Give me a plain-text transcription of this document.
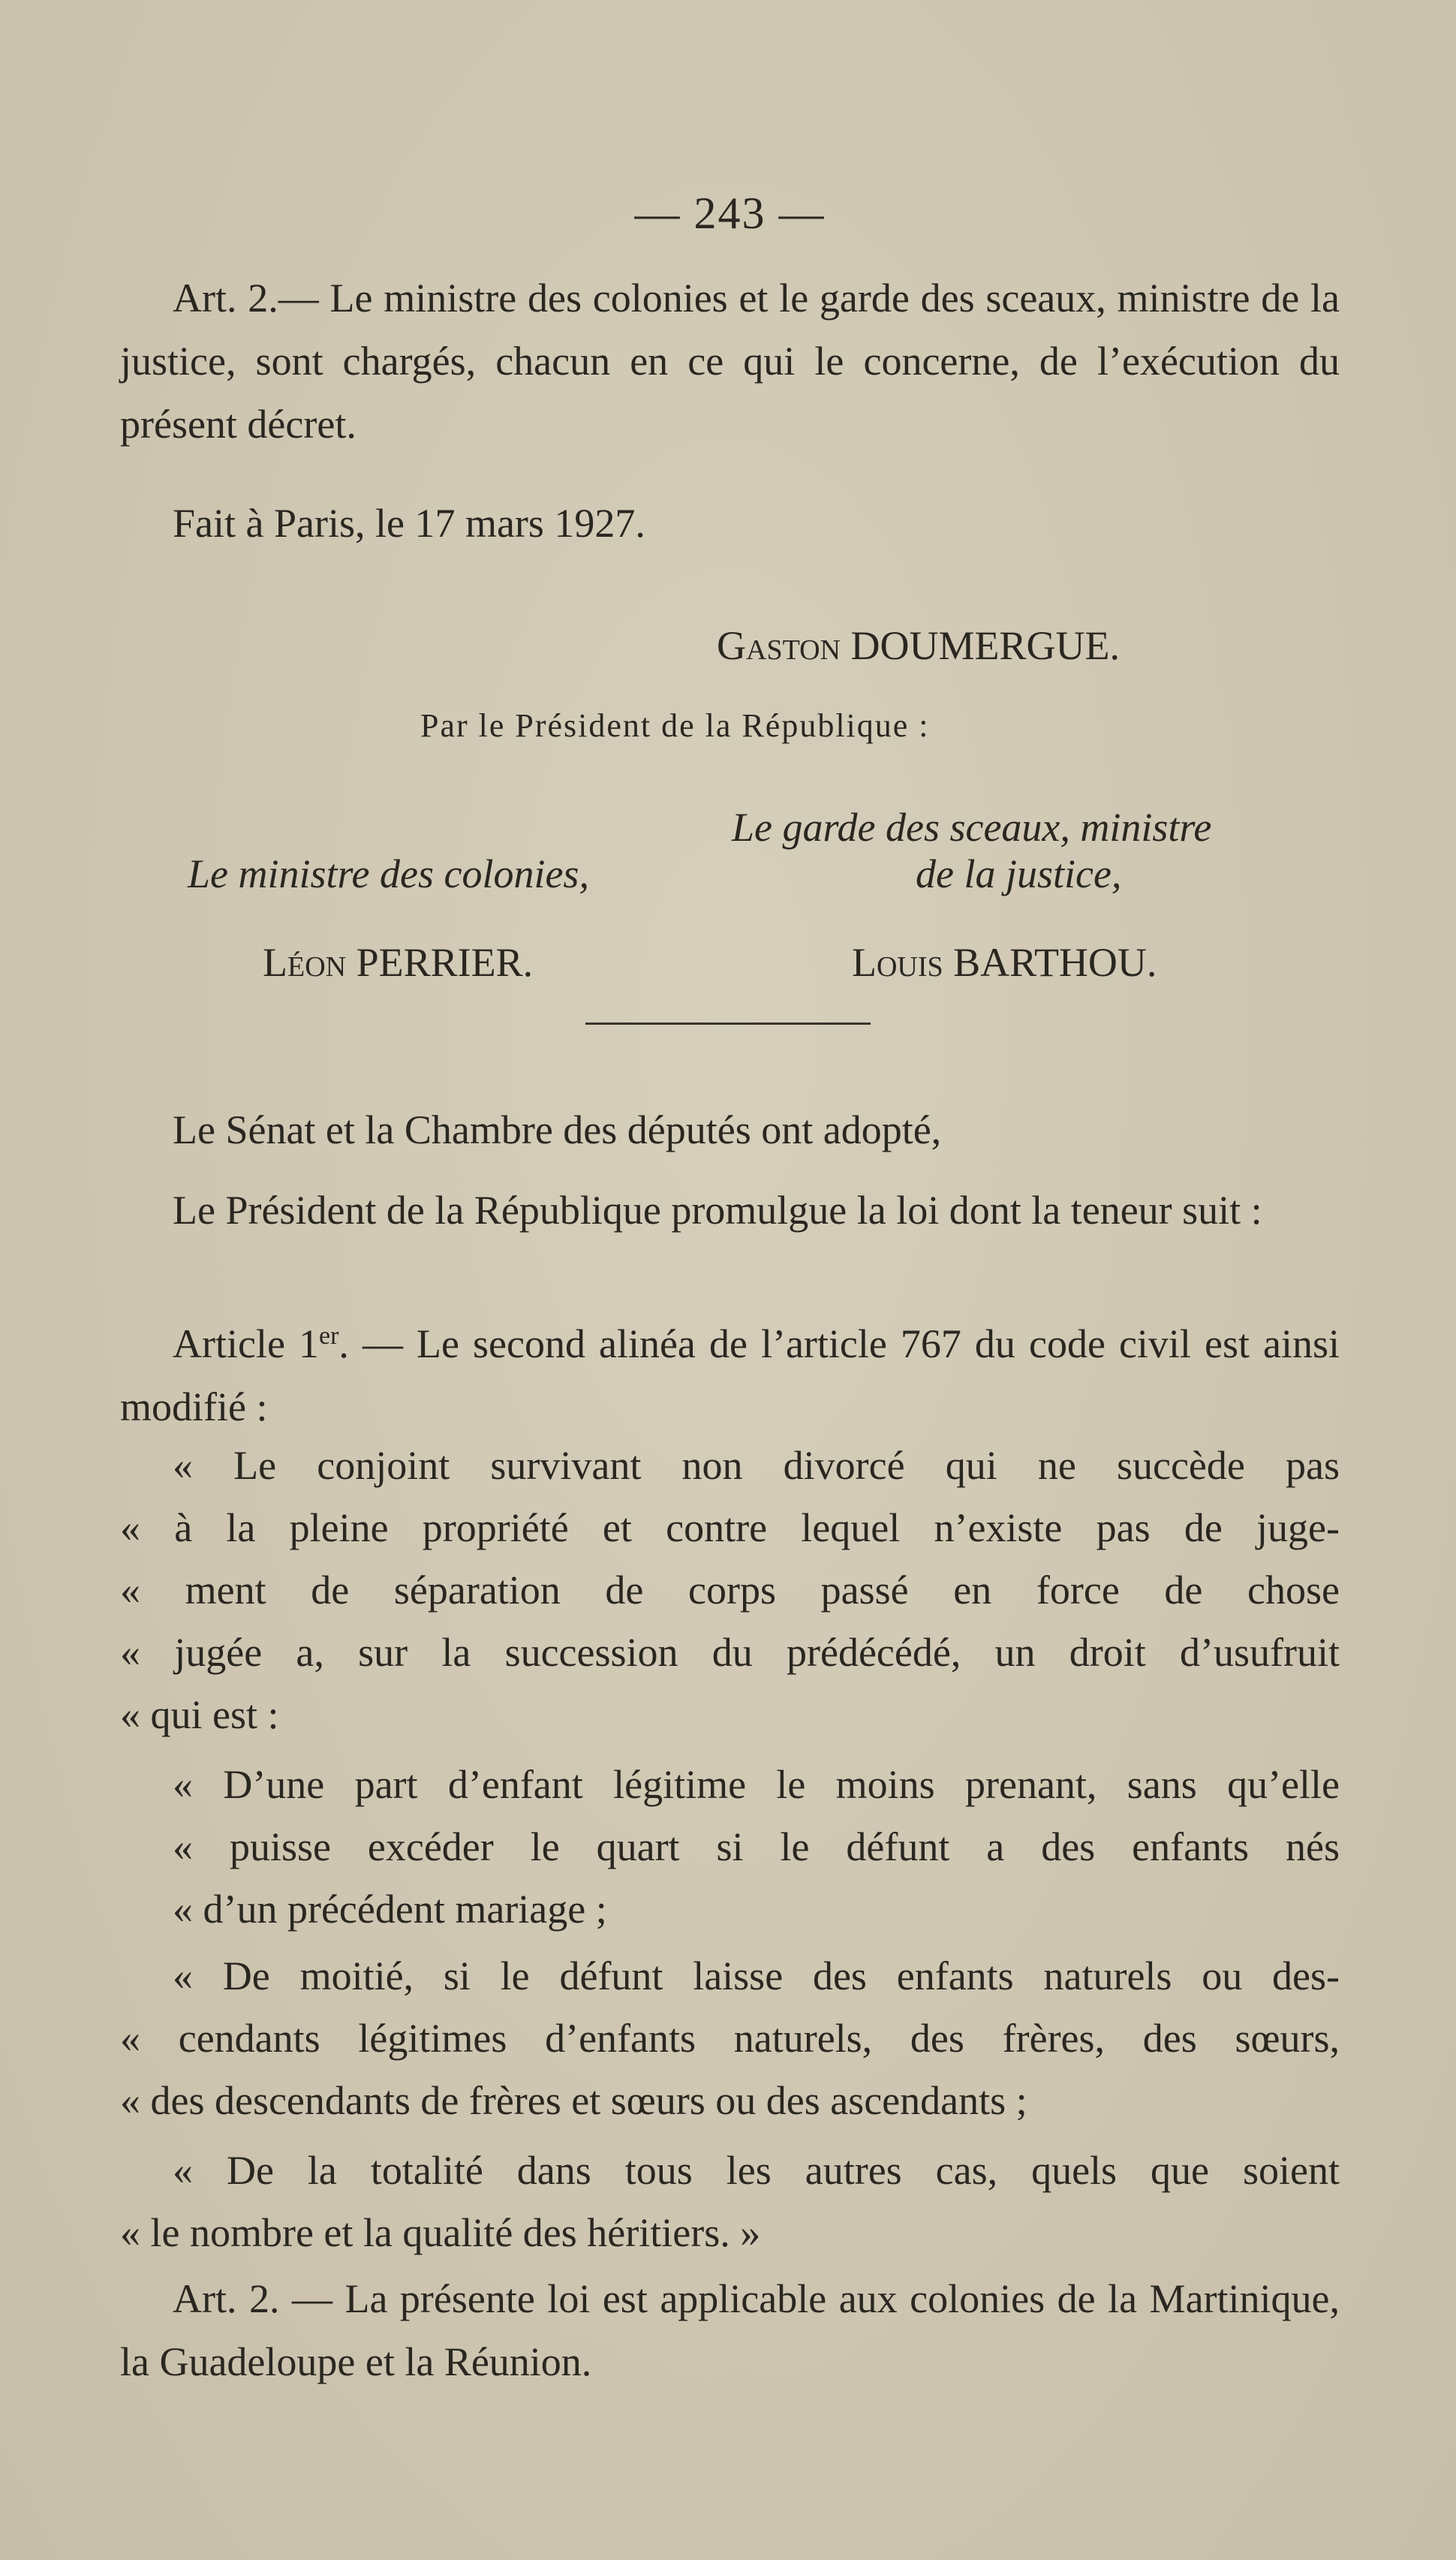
— 243 —

Art. 2.— Le ministre des colonies et le garde des sceaux, ministre de la justice, sont chargés, chacun en ce qui le concerne, de l’exécution du présent décret.

Fait à Paris, le 17 mars 1927.
Gaston DOUMERGUE.
Par le Président de la République :
Le garde des sceaux, ministre
de la justice,
Le ministre des colonies,
Léon PERRIER.	Louis BARTHOU.
Le Sénat et la Chambre des députés ont adopté,

Le Président de la République promulgue la loi dont la teneur suit :

Article 1er. — Le second alinéa de l’article 767 du code civil est ainsi modifié :

« Le conjoint survivant non divorcé qui ne succède pas
« à la pleine propriété et contre lequel n’existe pas de juge-
« ment de séparation de corps passé en force de chose
« jugée a, sur la succession du prédécédé, un droit d’usufruit
« qui est :
« D’une part d’enfant légitime le moins prenant, sans qu’elle
« puisse excéder le quart si le défunt a des enfants nés
« d’un précédent mariage ;
« De moitié, si le défunt laisse des enfants naturels ou des-
« cendants légitimes d’enfants naturels, des frères, des sœurs,
« des descendants de frères et sœurs ou des ascendants ;
« De la totalité dans tous les autres cas, quels que soient
« le nombre et la qualité des héritiers. »

Art. 2. — La présente loi est applicable aux colonies de la Martinique, la Guadeloupe et la Réunion.
